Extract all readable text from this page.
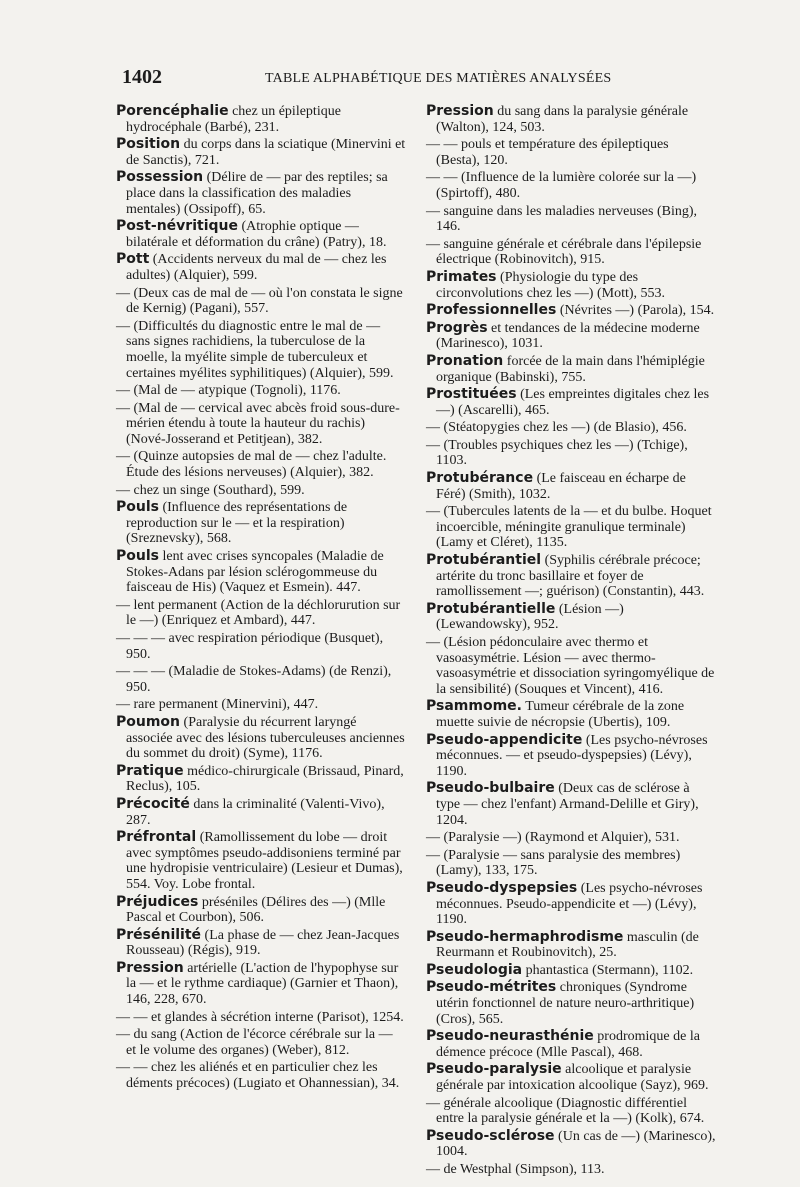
1402	TABLE ALPHABÉTIQUE DES MATIÈRES ANALYSÉES
Porencéphalie chez un épileptique hydrocéphale (Barbé), 231.
Position du corps dans la sciatique (Minervini et de Sanctis), 721.
Possession (Délire de — par des reptiles; sa place dans la classification des maladies mentales) (Ossipoff), 65.
Post-névritique (Atrophie optique — bilatérale et déformation du crâne) (Patry), 18.
Pott (Accidents nerveux du mal de — chez les adultes) (Alquier), 599.
— (Deux cas de mal de — où l'on constata le signe de Kernig) (Pagani), 557.
— (Difficultés du diagnostic entre le mal de — sans signes rachidiens, la tuberculose de la moelle, la myélite simple de tuberculeux et certaines myélites syphilitiques) (Alquier), 599.
— (Mal de — atypique (Tognoli), 1176.
— (Mal de — cervical avec abcès froid sous-dure-mérien étendu à toute la hauteur du rachis) (Nové-Josserand et Petitjean), 382.
— (Quinze autopsies de mal de — chez l'adulte. Étude des lésions nerveuses) (Alquier), 382.
— chez un singe (Southard), 599.
Pouls (Influence des représentations de reproduction sur le — et la respiration) (Sreznevsky), 568.
Pouls lent avec crises syncopales (Maladie de Stokes-Adans par lésion sclérogommeuse du faisceau de His) (Vaquez et Esmein). 447.
— lent permanent (Action de la déchlorurution sur le —) (Enriquez et Ambard), 447.
— — — avec respiration périodique (Busquet), 950.
— — — (Maladie de Stokes-Adams) (de Renzi), 950.
— rare permanent (Minervini), 447.
Poumon (Paralysie du récurrent laryngé associée avec des lésions tuberculeuses anciennes du sommet du droit) (Syme), 1176.
Pratique médico-chirurgicale (Brissaud, Pinard, Reclus), 105.
Précocité dans la criminalité (Valenti-Vivo), 287.
Préfrontal (Ramollissement du lobe — droit avec symptômes pseudo-addisoniens terminé par une hydropisie ventriculaire) (Lesieur et Dumas), 554. Voy. Lobe frontal.
Préjudices préséniles (Délires des —) (Mlle Pascal et Courbon), 506.
Présénilité (La phase de — chez Jean-Jacques Rousseau) (Régis), 919.
Pression artérielle (L'action de l'hypophyse sur la — et le rythme cardiaque) (Garnier et Thaon), 146, 228, 670.
— — et glandes à sécrétion interne (Parisot), 1254.
— du sang (Action de l'écorce cérébrale sur la — et le volume des organes) (Weber), 812.
— — chez les aliénés et en particulier chez les déments précoces) (Lugiato et Ohannessian), 34.
Pression du sang dans la paralysie générale (Walton), 124, 503.
— — pouls et température des épileptiques (Besta), 120.
— — (Influence de la lumière colorée sur la —) (Spirtoff), 480.
— sanguine dans les maladies nerveuses (Bing), 146.
— sanguine générale et cérébrale dans l'épilepsie électrique (Robinovitch), 915.
Primates (Physiologie du type des circonvolutions chez les —) (Mott), 553.
Professionnelles (Névrites —) (Parola), 154.
Progrès et tendances de la médecine moderne (Marinesco), 1031.
Pronation forcée de la main dans l'hémiplégie organique (Babinski), 755.
Prostituées (Les empreintes digitales chez les —) (Ascarelli), 465.
— (Stéatopygies chez les —) (de Blasio), 456.
— (Troubles psychiques chez les —) (Tchige), 1103.
Protubérance (Le faisceau en écharpe de Féré) (Smith), 1032.
— (Tubercules latents de la — et du bulbe. Hoquet incoercible, méningite granulique terminale) (Lamy et Cléret), 1135.
Protubérantiel (Syphilis cérébrale précoce; artérite du tronc basillaire et foyer de ramollissement —; guérison) (Constantin), 443.
Protubérantielle (Lésion —) (Lewandowsky), 952.
— (Lésion pédonculaire avec thermo et vasoasymétrie. Lésion — avec thermo-vasoasymétrie et dissociation syringomyélique de la sensibilité) (Souques et Vincent), 416.
Psammome. Tumeur cérébrale de la zone muette suivie de nécropsie (Ubertis), 109.
Pseudo-appendicite (Les psycho-névroses méconnues. — et pseudo-dyspepsies) (Lévy), 1190.
Pseudo-bulbaire (Deux cas de sclérose à type — chez l'enfant) Armand-Delille et Giry), 1204.
— (Paralysie —) (Raymond et Alquier), 531.
— (Paralysie — sans paralysie des membres) (Lamy), 133, 175.
Pseudo-dyspepsies (Les psycho-névroses méconnues. Pseudo-appendicite et —) (Lévy), 1190.
Pseudo-hermaphrodisme masculin (de Reurmann et Roubinovitch), 25.
Pseudologia phantastica (Stermann), 1102.
Pseudo-métrites chroniques (Syndrome utérin fonctionnel de nature neuro-arthritique) (Cros), 565.
Pseudo-neurasthénie prodromique de la démence précoce (Mlle Pascal), 468.
Pseudo-paralysie alcoolique et paralysie générale par intoxication alcoolique (Sayz), 969.
— générale alcoolique (Diagnostic différentiel entre la paralysie générale et la —) (Kolk), 674.
Pseudo-sclérose (Un cas de —) (Marinesco), 1004.
— de Westphal (Simpson), 113.
